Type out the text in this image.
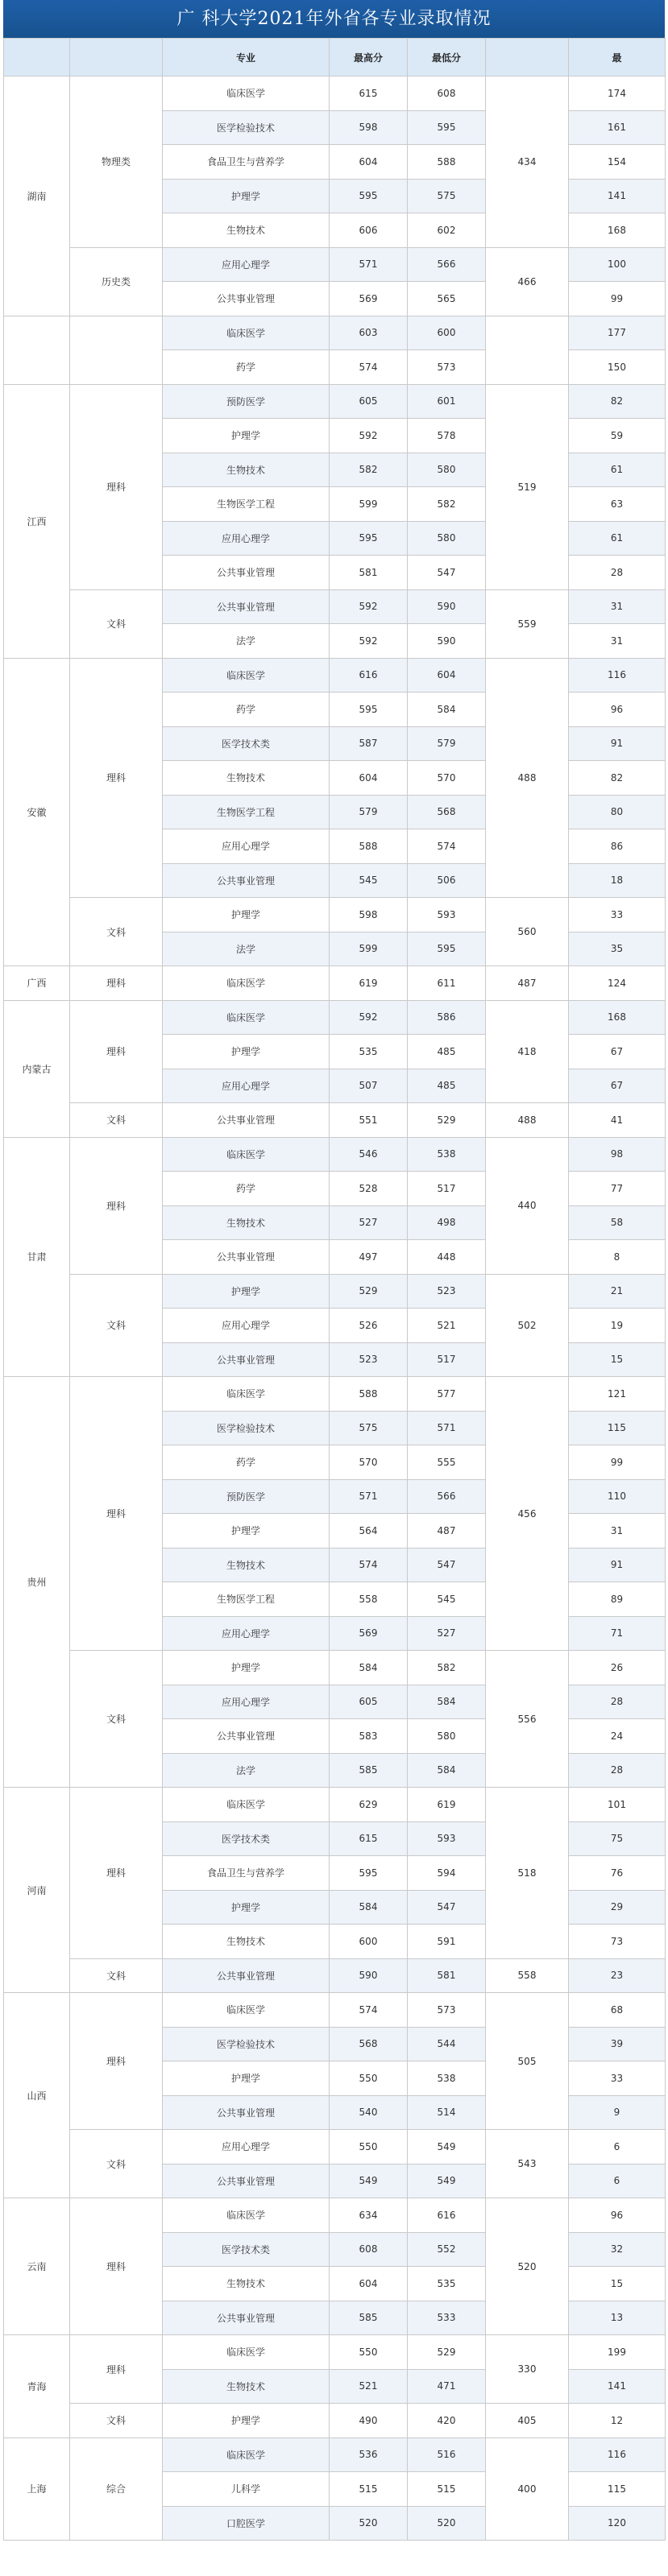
广 科大学2021年外省各专业录取情况
		专业	最高分	最低分		最
湖南	物理类	临床医学	615	608	434	174
		医学检验技术	598	595		161
		食品卫生与营养学	604	588		154
		护理学	595	575		141
		生物技术	606	602		168
	历史类	应用心理学	571	566	466	100
		公共事业管理	569	565		99
		临床医学	603	600		177
		药学	574	573		150
江西	理科	预防医学	605	601	519	82
		护理学	592	578		59
		生物技术	582	580		61
		生物医学工程	599	582		63
		应用心理学	595	580		61
		公共事业管理	581	547		28
	文科	公共事业管理	592	590	559	31
		法学	592	590		31
安徽	理科	临床医学	616	604	488	116
		药学	595	584		96
		医学技术类	587	579		91
		生物技术	604	570		82
		生物医学工程	579	568		80
		应用心理学	588	574		86
		公共事业管理	545	506		18
	文科	护理学	598	593	560	33
		法学	599	595		35
广西	理科	临床医学	619	611	487	124
内蒙古	理科	临床医学	592	586	418	168
		护理学	535	485		67
		应用心理学	507	485		67
	文科	公共事业管理	551	529	488	41
甘肃	理科	临床医学	546	538	440	98
		药学	528	517		77
		生物技术	527	498		58
		公共事业管理	497	448		8
	文科	护理学	529	523	502	21
		应用心理学	526	521		19
		公共事业管理	523	517		15
贵州	理科	临床医学	588	577	456	121
		医学检验技术	575	571		115
		药学	570	555		99
		预防医学	571	566		110
		护理学	564	487		31
		生物技术	574	547		91
		生物医学工程	558	545		89
		应用心理学	569	527		71
	文科	护理学	584	582	556	26
		应用心理学	605	584		28
		公共事业管理	583	580		24
		法学	585	584		28
河南	理科	临床医学	629	619	518	101
		医学技术类	615	593		75
		食品卫生与营养学	595	594		76
		护理学	584	547		29
		生物技术	600	591		73
	文科	公共事业管理	590	581	558	23
山西	理科	临床医学	574	573	505	68
		医学检验技术	568	544		39
		护理学	550	538		33
		公共事业管理	540	514		9
	文科	应用心理学	550	549	543	6
		公共事业管理	549	549		6
云南	理科	临床医学	634	616	520	96
		医学技术类	608	552		32
		生物技术	604	535		15
		公共事业管理	585	533		13
青海	理科	临床医学	550	529	330	199
		生物技术	521	471		141
	文科	护理学	490	420	405	12
上海	综合	临床医学	536	516	400	116
		儿科学	515	515		115
		口腔医学	520	520		120
